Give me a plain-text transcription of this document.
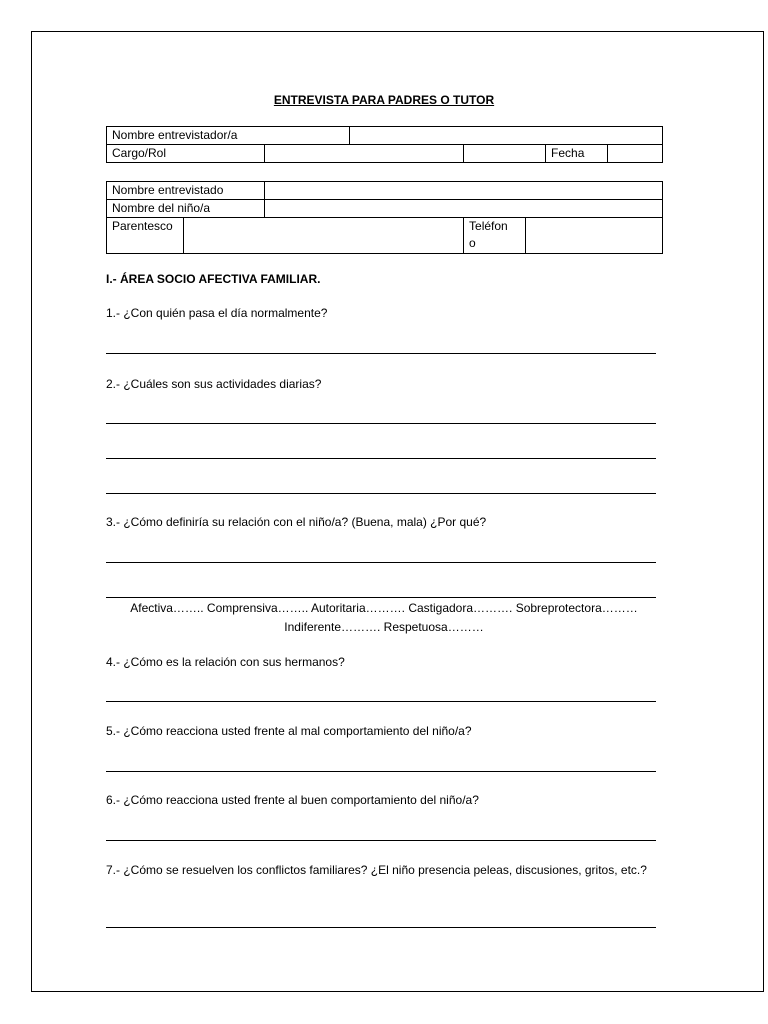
ENTREVISTA PARA PADRES O TUTOR
Nombre entrevistador/a					
Cargo/Rol				Fecha	
Nombre entrevistado				
Nombre del niño/a				
Parentesco			Teléfon
o	
I.- ÁREA SOCIO AFECTIVA FAMILIAR.
1.- ¿Con quién pasa el día normalmente?
2.- ¿Cuáles son sus actividades diarias?
3.- ¿Cómo definiría su relación con el niño/a? (Buena, mala) ¿Por qué?
Afectiva…….. Comprensiva…….. Autoritaria………. Castigadora………. Sobreprotectora………
Indiferente………. Respetuosa………
4.- ¿Cómo es la relación con sus hermanos?
5.- ¿Cómo reacciona usted frente al mal comportamiento del niño/a?
6.- ¿Cómo reacciona usted frente al buen comportamiento del niño/a?
7.- ¿Cómo se resuelven los conflictos familiares? ¿El niño presencia peleas, discusiones, gritos, etc.?
